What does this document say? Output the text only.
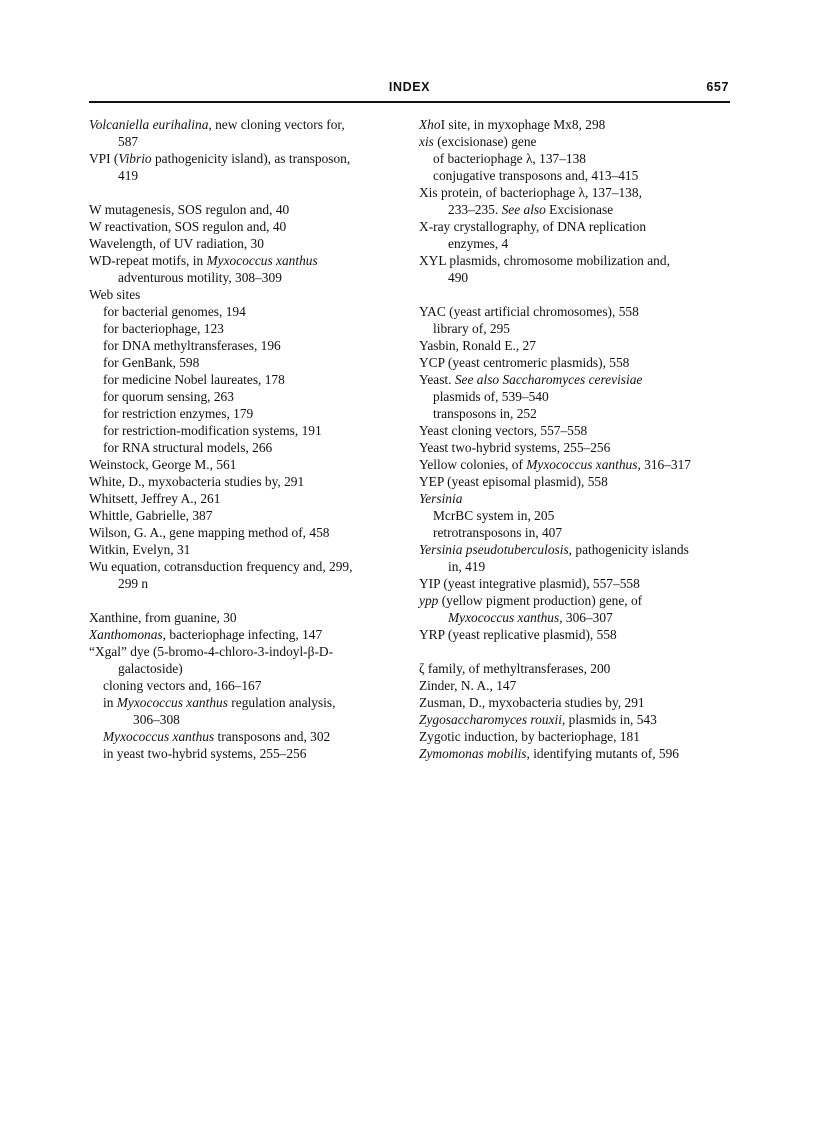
INDEX	657
Volcaniella eurihalina, new cloning vectors for,
587
VPI (Vibrio pathogenicity island), as transposon,
419
W mutagenesis, SOS regulon and, 40
W reactivation, SOS regulon and, 40
Wavelength, of UV radiation, 30
WD-repeat motifs, in Myxococcus xanthus
adventurous motility, 308–309
Web sites
for bacterial genomes, 194
for bacteriophage, 123
for DNA methyltransferases, 196
for GenBank, 598
for medicine Nobel laureates, 178
for quorum sensing, 263
for restriction enzymes, 179
for restriction-modification systems, 191
for RNA structural models, 266
Weinstock, George M., 561
White, D., myxobacteria studies by, 291
Whitsett, Jeffrey A., 261
Whittle, Gabrielle, 387
Wilson, G. A., gene mapping method of, 458
Witkin, Evelyn, 31
Wu equation, cotransduction frequency and, 299,
299 n
Xanthine, from guanine, 30
Xanthomonas, bacteriophage infecting, 147
“Xgal” dye (5-bromo-4-chloro-3-indoyl-β-D-
galactoside)
cloning vectors and, 166–167
in Myxococcus xanthus regulation analysis,
306–308
Myxococcus xanthus transposons and, 302
in yeast two-hybrid systems, 255–256
XhoI site, in myxophage Mx8, 298
xis (excisionase) gene
of bacteriophage λ, 137–138
conjugative transposons and, 413–415
Xis protein, of bacteriophage λ, 137–138,
233–235. See also Excisionase
X-ray crystallography, of DNA replication
enzymes, 4
XYL plasmids, chromosome mobilization and,
490
YAC (yeast artificial chromosomes), 558
library of, 295
Yasbin, Ronald E., 27
YCP (yeast centromeric plasmids), 558
Yeast. See also Saccharomyces cerevisiae
plasmids of, 539–540
transposons in, 252
Yeast cloning vectors, 557–558
Yeast two-hybrid systems, 255–256
Yellow colonies, of Myxococcus xanthus, 316–317
YEP (yeast episomal plasmid), 558
Yersinia
McrBC system in, 205
retrotransposons in, 407
Yersinia pseudotuberculosis, pathogenicity islands
in, 419
YIP (yeast integrative plasmid), 557–558
ypp (yellow pigment production) gene, of
Myxococcus xanthus, 306–307
YRP (yeast replicative plasmid), 558
ζ family, of methyltransferases, 200
Zinder, N. A., 147
Zusman, D., myxobacteria studies by, 291
Zygosaccharomyces rouxii, plasmids in, 543
Zygotic induction, by bacteriophage, 181
Zymomonas mobilis, identifying mutants of, 596
